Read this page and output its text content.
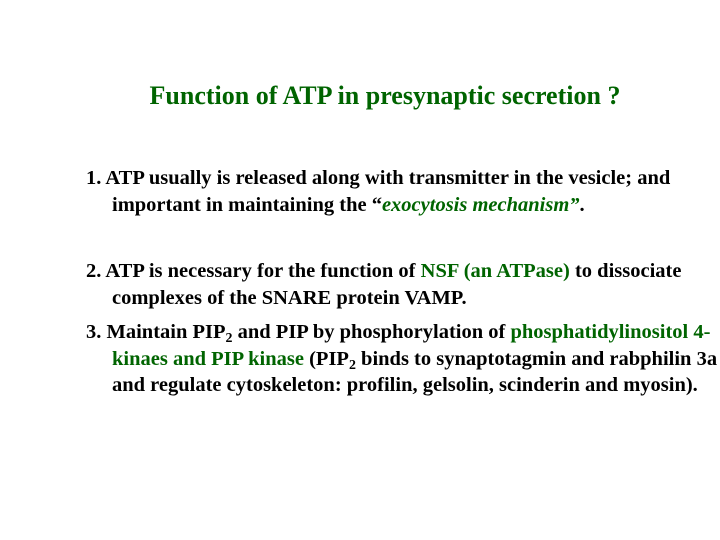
Function of ATP in presynaptic secretion ?

1. ATP usually is released along with transmitter in the vesicle; and important in maintaining the “exocytosis mechanism”.

2. ATP is necessary for the function of NSF (an ATPase) to dissociate complexes of the SNARE protein VAMP.

3. Maintain $PIP_2$ and PIP by phosphorylation of phosphatidylinositol 4-kinaes and PIP kinase ($PIP_2$ binds to synaptotagmin and rabphilin 3a and regulate cytoskeleton: profilin, gelsolin, scinderin and myosin).
